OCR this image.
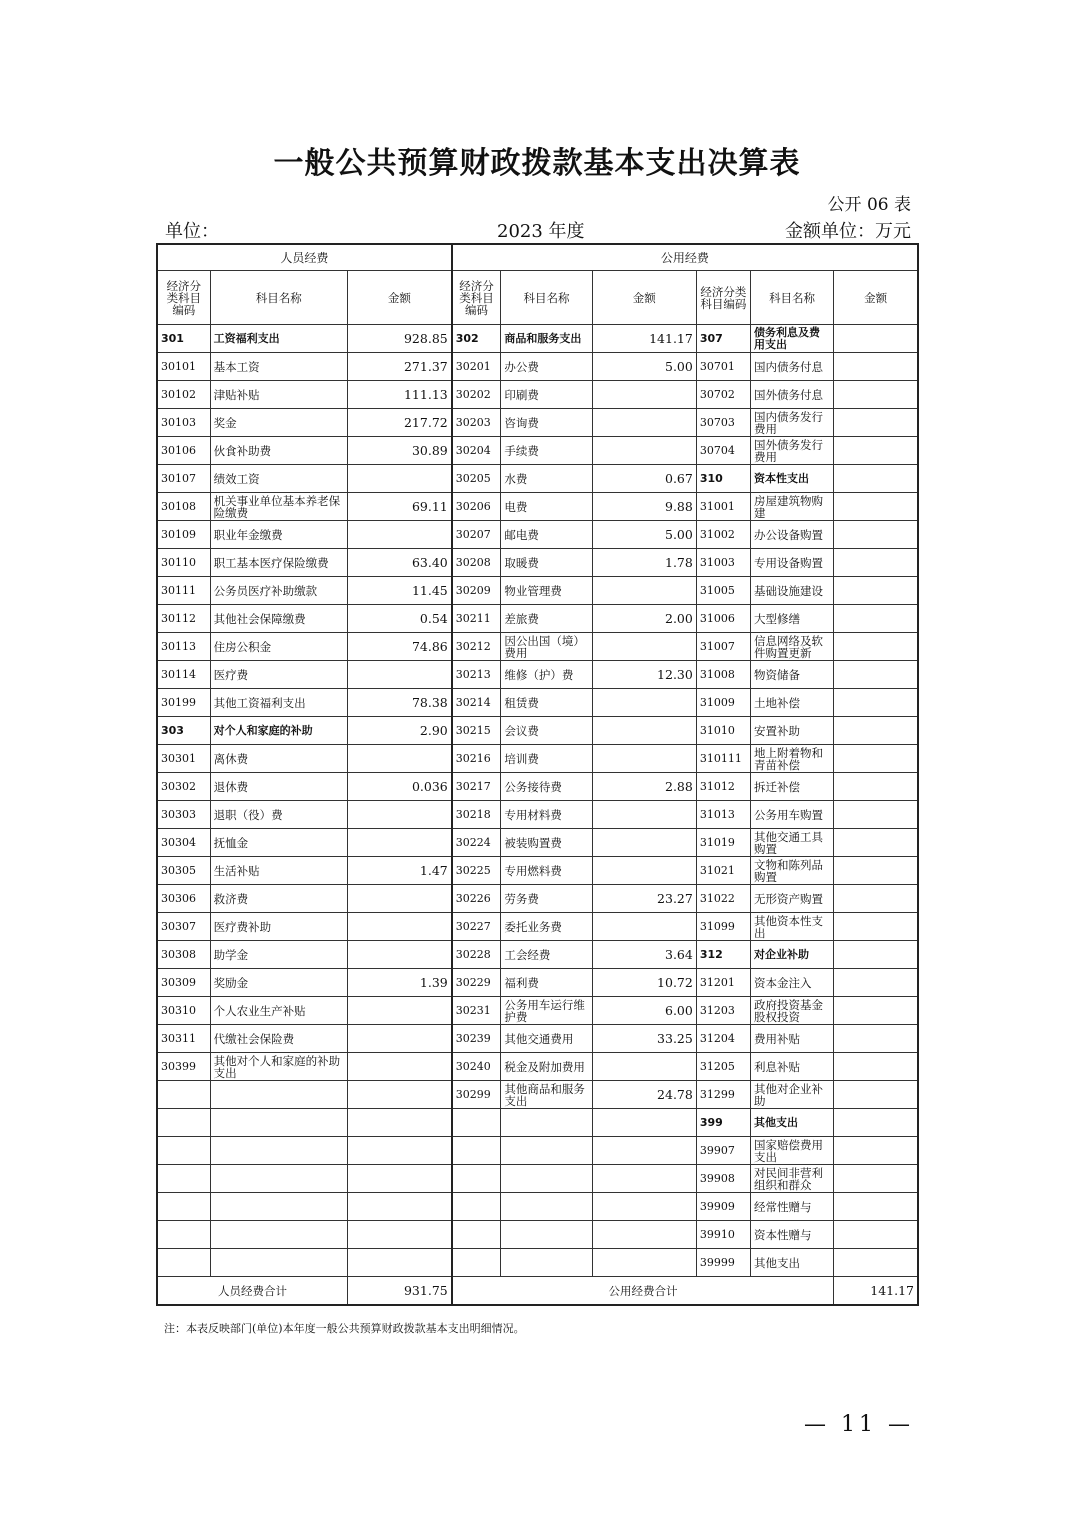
一般公共预算财政拨款基本支出决算表
公开 06 表
单位：	2023 年度	金额单位：万元
人员经费			公用经费					
经济分类科目编码	科目名称	金额	经济分类科目编码	科目名称	金额	经济分类科目编码	科目名称	金额
301	工资福利支出	928.85	302	商品和服务支出	141.17	307	债务利息及费用支出	
30101	基本工资	271.37	30201	办公费	5.00	30701	国内债务付息	
30102	津贴补贴	111.13	30202	印刷费		30702	国外债务付息	
30103	奖金	217.72	30203	咨询费		30703	国内债务发行费用	
30106	伙食补助费	30.89	30204	手续费		30704	国外债务发行费用	
30107	绩效工资		30205	水费	0.67	310	资本性支出	
30108	机关事业单位基本养老保险缴费	69.11	30206	电费	9.88	31001	房屋建筑物购建	
30109	职业年金缴费		30207	邮电费	5.00	31002	办公设备购置	
30110	职工基本医疗保险缴费	63.40	30208	取暖费	1.78	31003	专用设备购置	
30111	公务员医疗补助缴款	11.45	30209	物业管理费		31005	基础设施建设	
30112	其他社会保障缴费	0.54	30211	差旅费	2.00	31006	大型修缮	
30113	住房公积金	74.86	30212	因公出国（境）费用		31007	信息网络及软件购置更新	
30114	医疗费		30213	维修（护）费	12.30	31008	物资储备	
30199	其他工资福利支出	78.38	30214	租赁费		31009	土地补偿	
303	对个人和家庭的补助	2.90	30215	会议费		31010	安置补助	
30301	离休费		30216	培训费		310111	地上附着物和青苗补偿	
30302	退休费	0.036	30217	公务接待费	2.88	31012	拆迁补偿	
30303	退职（役）费		30218	专用材料费		31013	公务用车购置	
30304	抚恤金		30224	被装购置费		31019	其他交通工具购置	
30305	生活补贴	1.47	30225	专用燃料费		31021	文物和陈列品购置	
30306	救济费		30226	劳务费	23.27	31022	无形资产购置	
30307	医疗费补助		30227	委托业务费		31099	其他资本性支出	
30308	助学金		30228	工会经费	3.64	312	对企业补助	
30309	奖励金	1.39	30229	福利费	10.72	31201	资本金注入	
30310	个人农业生产补贴		30231	公务用车运行维护费	6.00	31203	政府投资基金股权投资	
30311	代缴社会保险费		30239	其他交通费用	33.25	31204	费用补贴	
30399	其他对个人和家庭的补助支出		30240	税金及附加费用		31205	利息补贴	
			30299	其他商品和服务支出	24.78	31299	其他对企业补助	
						399	其他支出	
						39907	国家赔偿费用支出	
						39908	对民间非营利组织和群众	
						39909	经常性赠与	
						39910	资本性赠与	
						39999	其他支出	
人员经费合计		931.75	公用经费合计					141.17
注：本表反映部门(单位)本年度一般公共预算财政拨款基本支出明细情况。
— 11 —
